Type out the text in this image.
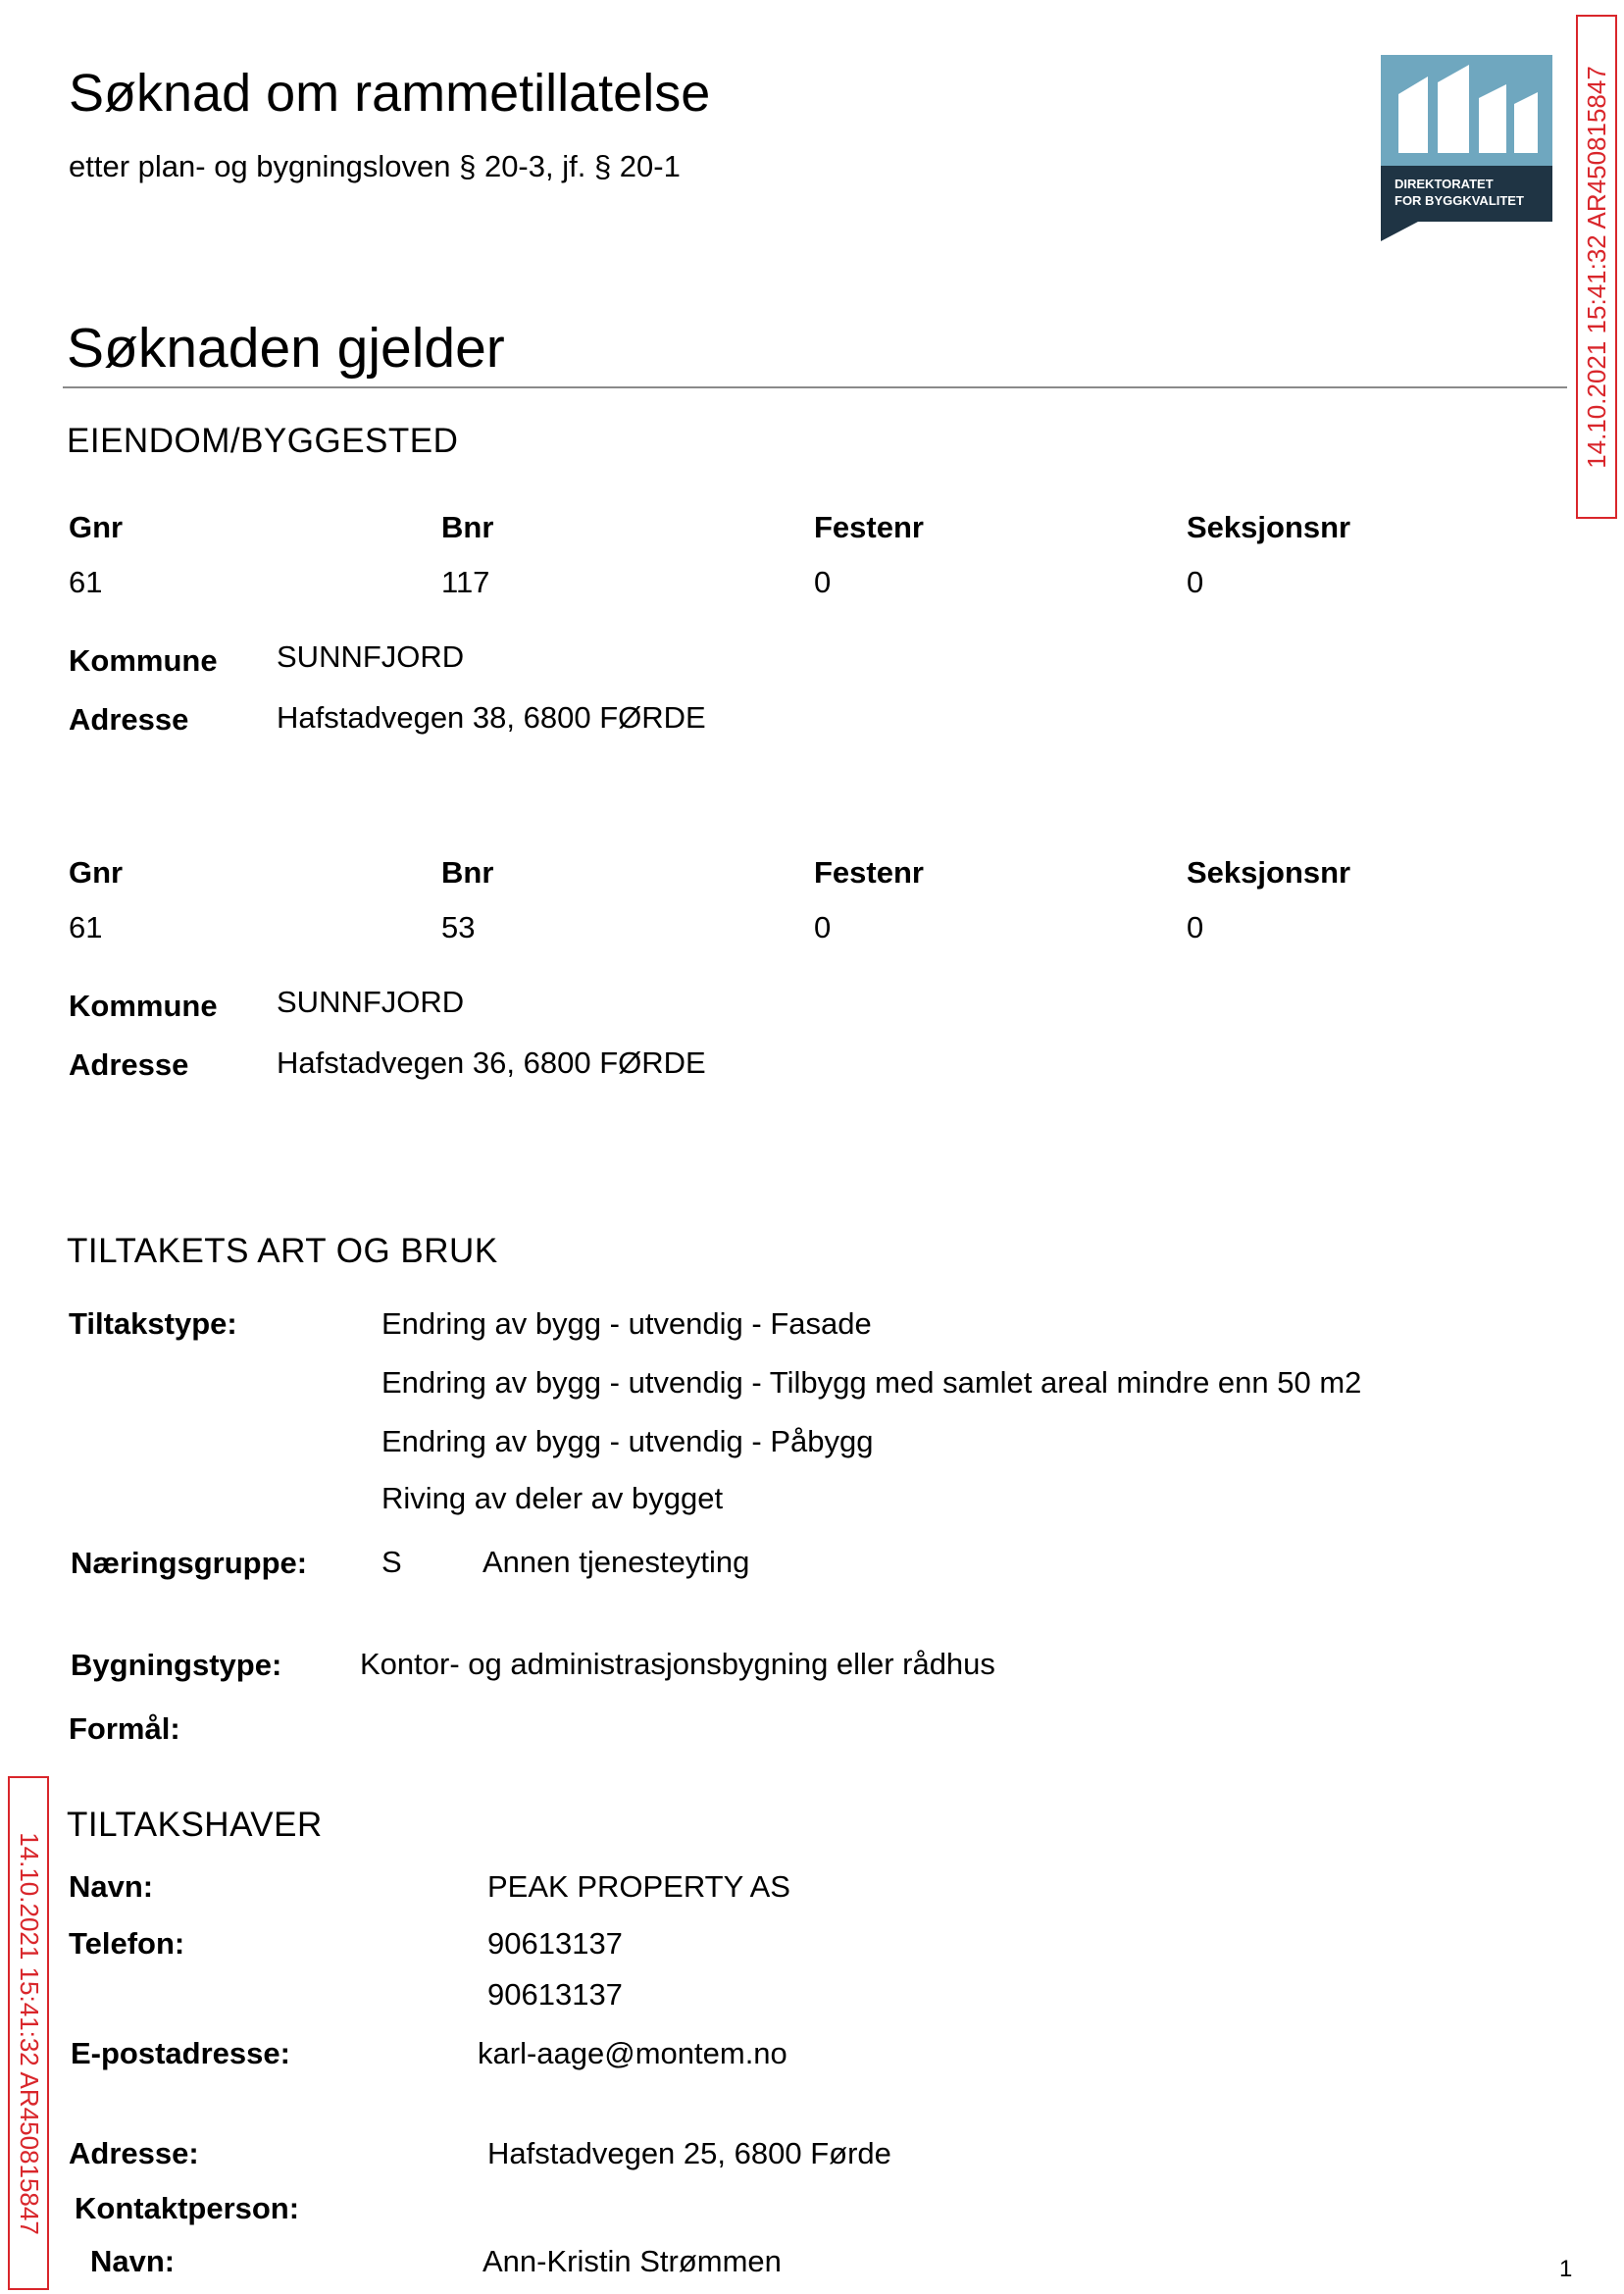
Søknad om rammetillatelse
etter plan- og bygningsloven § 20-3, jf. § 20-1
DIREKTORATET
FOR BYGGKVALITET	14.10.2021 15:41:32 AR450815847
14.10.2021 15:41:32 AR450815847
Søknaden gjelder
EIENDOM/BYGGESTED
Gnr	Bnr	Festenr	Seksjonsnr
61	117	0	0
Kommune SUNNFJORD
Adresse	Hafstadvegen 38, 6800 FØRDE
Gnr	Bnr	Festenr	Seksjonsnr
61	53	0	0
Kommune SUNNFJORD
Adresse	Hafstadvegen 36, 6800 FØRDE
TILTAKETS ART OG BRUK
Tiltakstype:	Endring av bygg - utvendig - Fasade
Endring av bygg - utvendig - Tilbygg med samlet areal mindre enn 50 m2
Endring av bygg - utvendig - Påbygg
Riving av deler av bygget
Næringsgruppe: S	Annen tjenesteyting
Bygningstype:	Kontor- og administrasjonsbygning eller rådhus
Formål:
TILTAKSHAVER
Navn:	PEAK PROPERTY AS
Telefon:	90613137
90613137
E-postadresse:	karl-aage@montem.no
Adresse:	Hafstadvegen 25, 6800 Førde
Kontaktperson:
Navn:	Ann-Kristin Strømmen	1
